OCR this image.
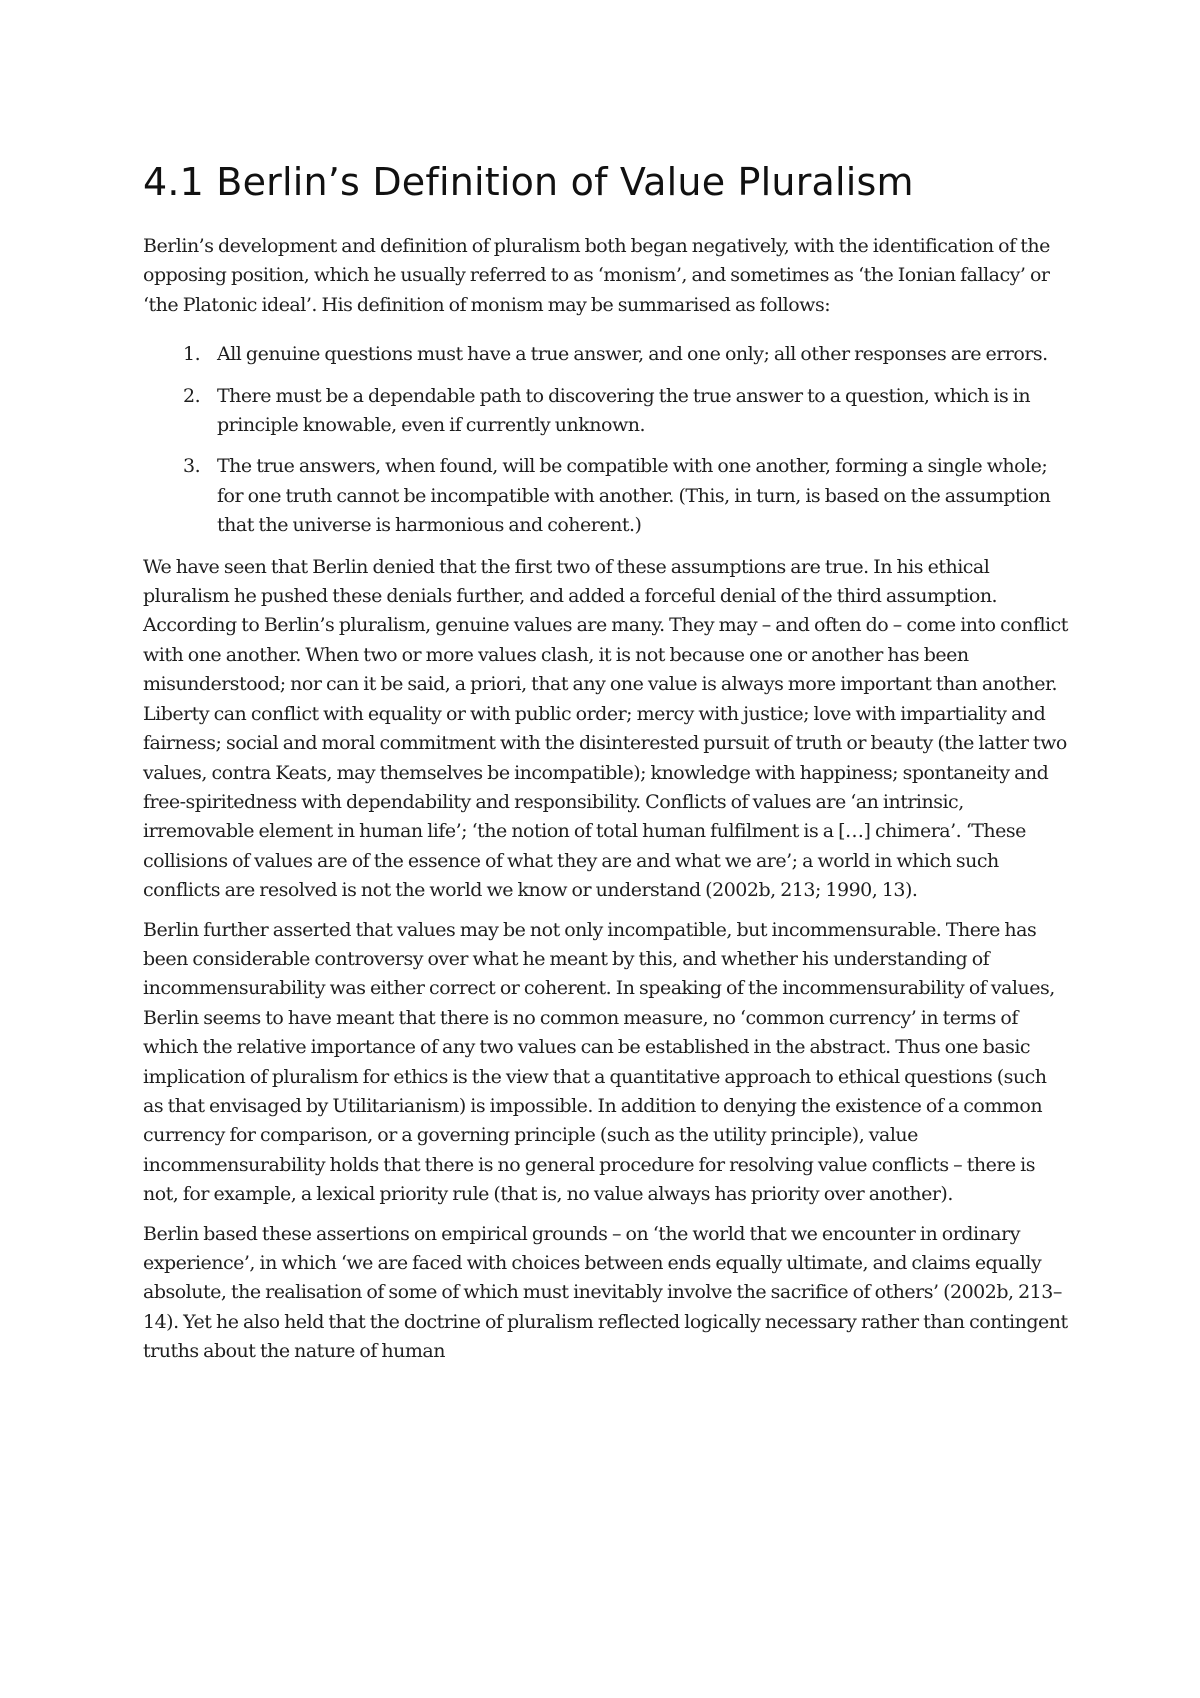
4.1 Berlin’s Definition of Value Pluralism

Berlin’s development and definition of pluralism both began negatively, with the identification of the opposing position, which he usually referred to as ‘monism’, and sometimes as ‘the Ionian fallacy’ or ‘the Platonic ideal’. His definition of monism may be summarised as follows:

1. All genuine questions must have a true answer, and one only; all other responses are errors.
2. There must be a dependable path to discovering the true answer to a question, which is in principle knowable, even if currently unknown.
3. The true answers, when found, will be compatible with one another, forming a single whole; for one truth cannot be incompatible with another. (This, in turn, is based on the assumption that the universe is harmonious and coherent.)

We have seen that Berlin denied that the first two of these assumptions are true. In his ethical pluralism he pushed these denials further, and added a forceful denial of the third assumption. According to Berlin’s pluralism, genuine values are many. They may – and often do – come into conflict with one another. When two or more values clash, it is not because one or another has been misunderstood; nor can it be said, a priori, that any one value is always more important than another. Liberty can conflict with equality or with public order; mercy with justice; love with impartiality and fairness; social and moral commitment with the disinterested pursuit of truth or beauty (the latter two values, contra Keats, may themselves be incompatible); knowledge with happiness; spontaneity and free-spiritedness with dependability and responsibility. Conflicts of values are ‘an intrinsic, irremovable element in human life’; ‘the notion of total human fulfilment is a […] chimera’. ‘These collisions of values are of the essence of what they are and what we are’; a world in which such conflicts are resolved is not the world we know or understand (2002b, 213; 1990, 13).

Berlin further asserted that values may be not only incompatible, but incommensurable. There has been considerable controversy over what he meant by this, and whether his understanding of incommensurability was either correct or coherent. In speaking of the incommensurability of values, Berlin seems to have meant that there is no common measure, no ‘common currency’ in terms of which the relative importance of any two values can be established in the abstract. Thus one basic implication of pluralism for ethics is the view that a quantitative approach to ethical questions (such as that envisaged by Utilitarianism) is impossible. In addition to denying the existence of a common currency for comparison, or a governing principle (such as the utility principle), value incommensurability holds that there is no general procedure for resolving value conflicts – there is not, for example, a lexical priority rule (that is, no value always has priority over another).

Berlin based these assertions on empirical grounds – on ‘the world that we encounter in ordinary experience’, in which ‘we are faced with choices between ends equally ultimate, and claims equally absolute, the realisation of some of which must inevitably involve the sacrifice of others’ (2002b, 213–14). Yet he also held that the doctrine of pluralism reflected logically necessary rather than contingent truths about the nature of human
